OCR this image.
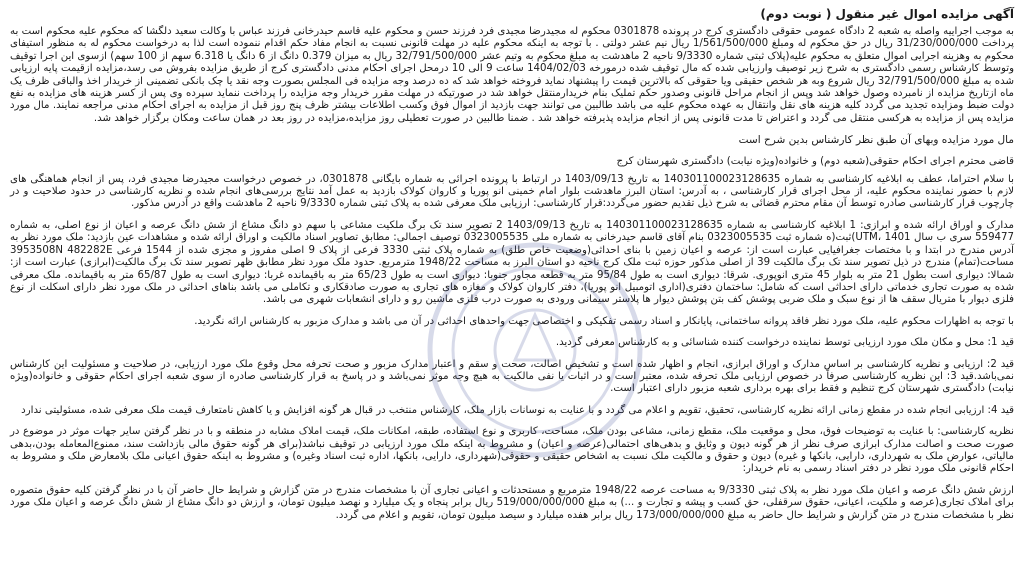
آگهی مزایده اموال غیر منقول ( نوبت دوم)

به موجب اجراییه واصله به شعبه 2 دادگاه عمومی حقوقی دادگستری کرج در پرونده 0301878 محکوم له مجیدرضا مجیدی فرد فرزند حسن و محکوم علیه قاسم حیدرخانی فرزند عباس با وکالت سعید دلگشا که محکوم علیه محکوم است به پرداخت 31/230/000/000 ریال در حق محکوم له ومبلغ 1/561/500/000 ریال نیم عشر دولتی . با توجه به اینکه محکوم علیه در مهلت قانونی نسبت به انجام مفاد حکم اقدام ننموده است لذا به درخواست محکوم له به منظور استیفای محکوم به وهزینه اجرایی اموال متعلق به محکوم علیه(پلاک ثبتی شماره 9/3330 ناحیه 2 ماهدشت به مبلغ محکوم به وتیم عشر 32/791/500/000 ریال به میزان 0.379 دانگ از 6 دانگ یا 6.318 سهم از 100 سهم) ازسوی این اجرا توقیف وتوسط کارشناس رسمی دادگستری به شرح زیر توصیف وارزیابی شده که مال توقیف شده درمورخه 1404/02/03 ساعت 9 الی 10 درمحل اجرای احکام مدنی دادگستری کرج از طریق مزایده بفروش می رسد،مزایده ازقیمت پایه ارزیابی شده به مبلغ 32/791/500/000 ریال شروع وبه هر شخص حقیقی ویا حقوقی که بالاترین قیمت را پیشنهاد نماید فروخته خواهد شد که ده درصد وجه مزایده فی المجلس بصورت وجه نقد یا چک بانکی تضمینی از خریدار اخذ والباقی ظرف یک ماه ازتاریخ مزایده از نامبرده وصول خواهد شد وپس از انجام مراحل قانونی وصدور حکم تملیک بنام خریدارمنتقل خواهد شد در صورتیکه در مهلت مقرر خریدار وجه مزایده را پرداخت ننماید سپرده وی پس از کسر هزینه های مزایده به نفع دولت ضبط ومزایده تجدید می گردد کلیه هزینه های نقل وانتقال به عهده محکوم علیه می باشد طالبین می توانند جهت بازدید از اموال فوق وکسب اطلاعات بیشتر ظرف پنج روز قبل از مزایده به اجرای احکام مدنی مراجعه نمایند. مال مورد مزایده پس از مزایده به هرکسی منتقل می گردد و اعتراض تا مدت قانونی پس از انجام مزایده پذیرفته خواهد شد . ضمنا طالبین در صورت تعطیلی روز مزایده،مزایده در روز بعد در همان ساعت ومکان برگزار خواهد شد.

مال مورد مزایده وبهای آن طبق نظر کارشناس بدین شرح است

قاضی محترم اجرای احکام حقوقی(شعبه دوم) و خانواده(ویژه نیابت) دادگستری شهرستان کرج

با سلام احتراما، عطف به ابلاغیه کارشناسی به شماره 140301100023128635 به تاریخ 1403/09/13 در ارتباط با پرونده اجرائی به شماره بایگانی 0301878، در خصوص درخواست مجیدرضا مجیدی فرد، پس از انجام هماهنگی های لازم با حضور نماینده محکوم علیه، از محل اجرای قرار کارشناسی ، به آدرس: استان البرز ماهدشت بلوار امام خمینی انو پوریا و کاروان کولاک بازدید به عمل آمد نتایج بررسی‌های انجام شده و نظریه کارشناسی در حدود صلاحیت و در چارچوب قرار کارشناسی صادره توسط آن مقام محترم قضائی به شرح ذیل تقدیم حضور می‌گردد:قرار کارشناسی: ارزیابی ملک معرفی شده به پلاک ثبتی شماره 9/3330 ناحیه 2 ماهدشت واقع در آدرس مذکور.

مدارک و اوراق ارائه شده و ابرازی: 1 ابلاغیه کارشناسی به شماره 140301100023128635 به تاریخ 1403/09/13 2 تصویر سند تک برگ ملکیت مشاعی با سهم دو دانگ مشاع از شش دانگ عرصه و اعیان از نوع اصلی، به شماره 559477 سری ب سال 1401 ،UTM)ثبت(ه شماره ثبت 0323005535 بنام آقای قاسم حیدرخانی به شماره ملی 0323005535 توصیف اجمالی: مطابق تصاویر اسناد مالکیت و اوراق ارائه شده و مشاهدات عین بازدید: ملک مورد نظر به آدرس مندرج در ابتدا و با مختصات جغرافیایی عبارت است از: عرصه و اعیان زمین با بنای احداثی(وضعیت خاص طلق) به شماره پلاک ثبتی 3330 فرعی از پلاک 9 اصلی مفروز و مجزی شده از 1544 فرعی 3953508N 482282E مساحت(تمام) مندرج در ذیل تصویر سند تک برگ مالکیت 39 از اصلی مذکور حوزه ثبت ملک کرج ناحیه دو استان البرز به مساحت 1948/22 مترمربع. حدود ملک مورد نظر مطابق ظهر تصویر سند تک برگ مالکیت(ابرازی) عبارت است از: شمالا: دیواری است بطول 21 متر به بلوار 45 متری انوپوری. شرقا: دیواری است به طول 95/84 متر به قطعه مجاور جنوبا: دیواری است به طول 65/23 متر به باقیمانده غربا: دیواری است به طول 65/87 متر به باقیمانده. ملک معرفی شده به صورت تجاری خدماتی دارای احداثی است که شامل: ساختمان دفتری(اداری اتومبیل انو پوریا)، دفتر کاروان کولاک و مغازه های تجاری به صورت صادقکاری و تکاملی می باشد بناهای احداثی در ملک مورد نظر دارای اسکلت از نوع فلزی دیوار با متریال سقف ها از نوع سبک و ملک ضربی پوشش کف بتن پوشش دیوار ها پلاستر سیمانی ورودی به صورت درب فلزی ماشین رو و دارای انشعابات شهری می باشد.

با توجه به اظهارات محکوم علیه، ملک مورد نظر فاقد پروانه ساختمانی، پایانکار و اسناد رسمی تفکیکی و اختصاصی جهت واحدهای احداثی در آن می باشد و مدارک مزبور به کارشناس ارائه نگردید.

قید 1: محل و مکان ملک مورد ارزیابی توسط نماینده درخواست کننده شناسائی و به کارشناس معرفی گردید.

قید 2: ارزیابی و نظریه کارشناسی بر اساس مدارک و اوراق ابرازی، انجام و اظهار شده است و تشخیص اصالت، صحت و سقم و اعتبار مدارک مزبور و صحت تحرفه محل وقوع ملک مورد ارزیابی، در صلاحیت و مسئولیت این کارشناس نمی‌باشد.قید 3: این نظریه کارشناسی صرفاً در خصوص ارزیابی ملک تحرفه شده، معتبر است و در اثبات یا نفی مالکیت به هیچ وجه موثر نمی‌باشد و در پاسخ به قرار کارشناسی صادره از سوی شعبه اجرای احکام حقوقی و خانواده(ویژه نیابت) دادگستری شهرستان کرج تنظیم و فقط برای بهره برداری شعبه مزبور دارای اعتبار است.

قید 4: ارزیابی انجام شده در مقطع زمانی ارائه نظریه کارشناسی، تحقیق، تقویم و اعلام می گردد و با عنایت به نوسانات بازار ملک، کارشناس منتخب در قبال هر گونه افزایش و یا کاهش نامتعارف قیمت ملک معرفی شده، مسئولیتی ندارد

نظریه کارشناسی: با عنایت به توضیحات فوق، محل و موقعیت ملک، مقطع زمانی، مشاعی بودن ملک، مساحت، کاربری و نوع استفاده، طبقه، امکانات ملک، قیمت املاک مشابه در منطقه و با در نظر گرفتن سایر جهات موثر در موضوع در صورت صحت و اصالت مدارک ابرازی صرف نظر از هر گونه دیون و وثایق و بدهی‌های احتمالی(عرصه و اعیان) و مشروط به اینکه ملک مورد ارزیابی در توقیف نباشد(برای هر گونه حقوق مالی بازداشت سند، ممنوع‌المعامله بودن،بدهی مالیاتی، عوارض ملک به شهرداری، دارایی، بانکها و غیره) دیون و حقوق و مالکیت ملک نسبت به اشخاص حقیقی و حقوقی(شهرداری، دارایی، بانکها، اداره ثبت اسناد وغیره) و مشروط به اینکه حقوق اعیانی ملک بلامعارض ملک و مشروط به احکام قانونی ملک مورد نظر در دفتر اسناد رسمی به نام خریدار:

ارزش شش دانگ عرصه و اعیان ملک مورد نظر به پلاک ثبتی 9/3330 به مساحت عرصه 1948/22 مترمربع و مستحدثات و اعیانی تجاری آن با مشخصات مندرج در متن گزارش و شرایط حال حاضر آن با در نظر گرفتن کلیه حقوق متصوره برای املاک تجاری(عرصه و ملکیت، اعیانی، حقوق سرقفلی، حق کسب و پیشه و تجارت و ...) به مبلغ 519/000/000/000 ریال برابر پنجاه و یک میلیارد و نهصد میلیون تومان، و ارزش دو دانگ مشاع از شش دانگ عرصه و اعیان ملک مورد نظر با مشخصات مندرج در متن گزارش و شرایط حال حاضر به مبلغ 173/000/000/000 ریال برابر هفده میلیارد و سیصد میلیون تومان، تقویم و اعلام می گردد.
